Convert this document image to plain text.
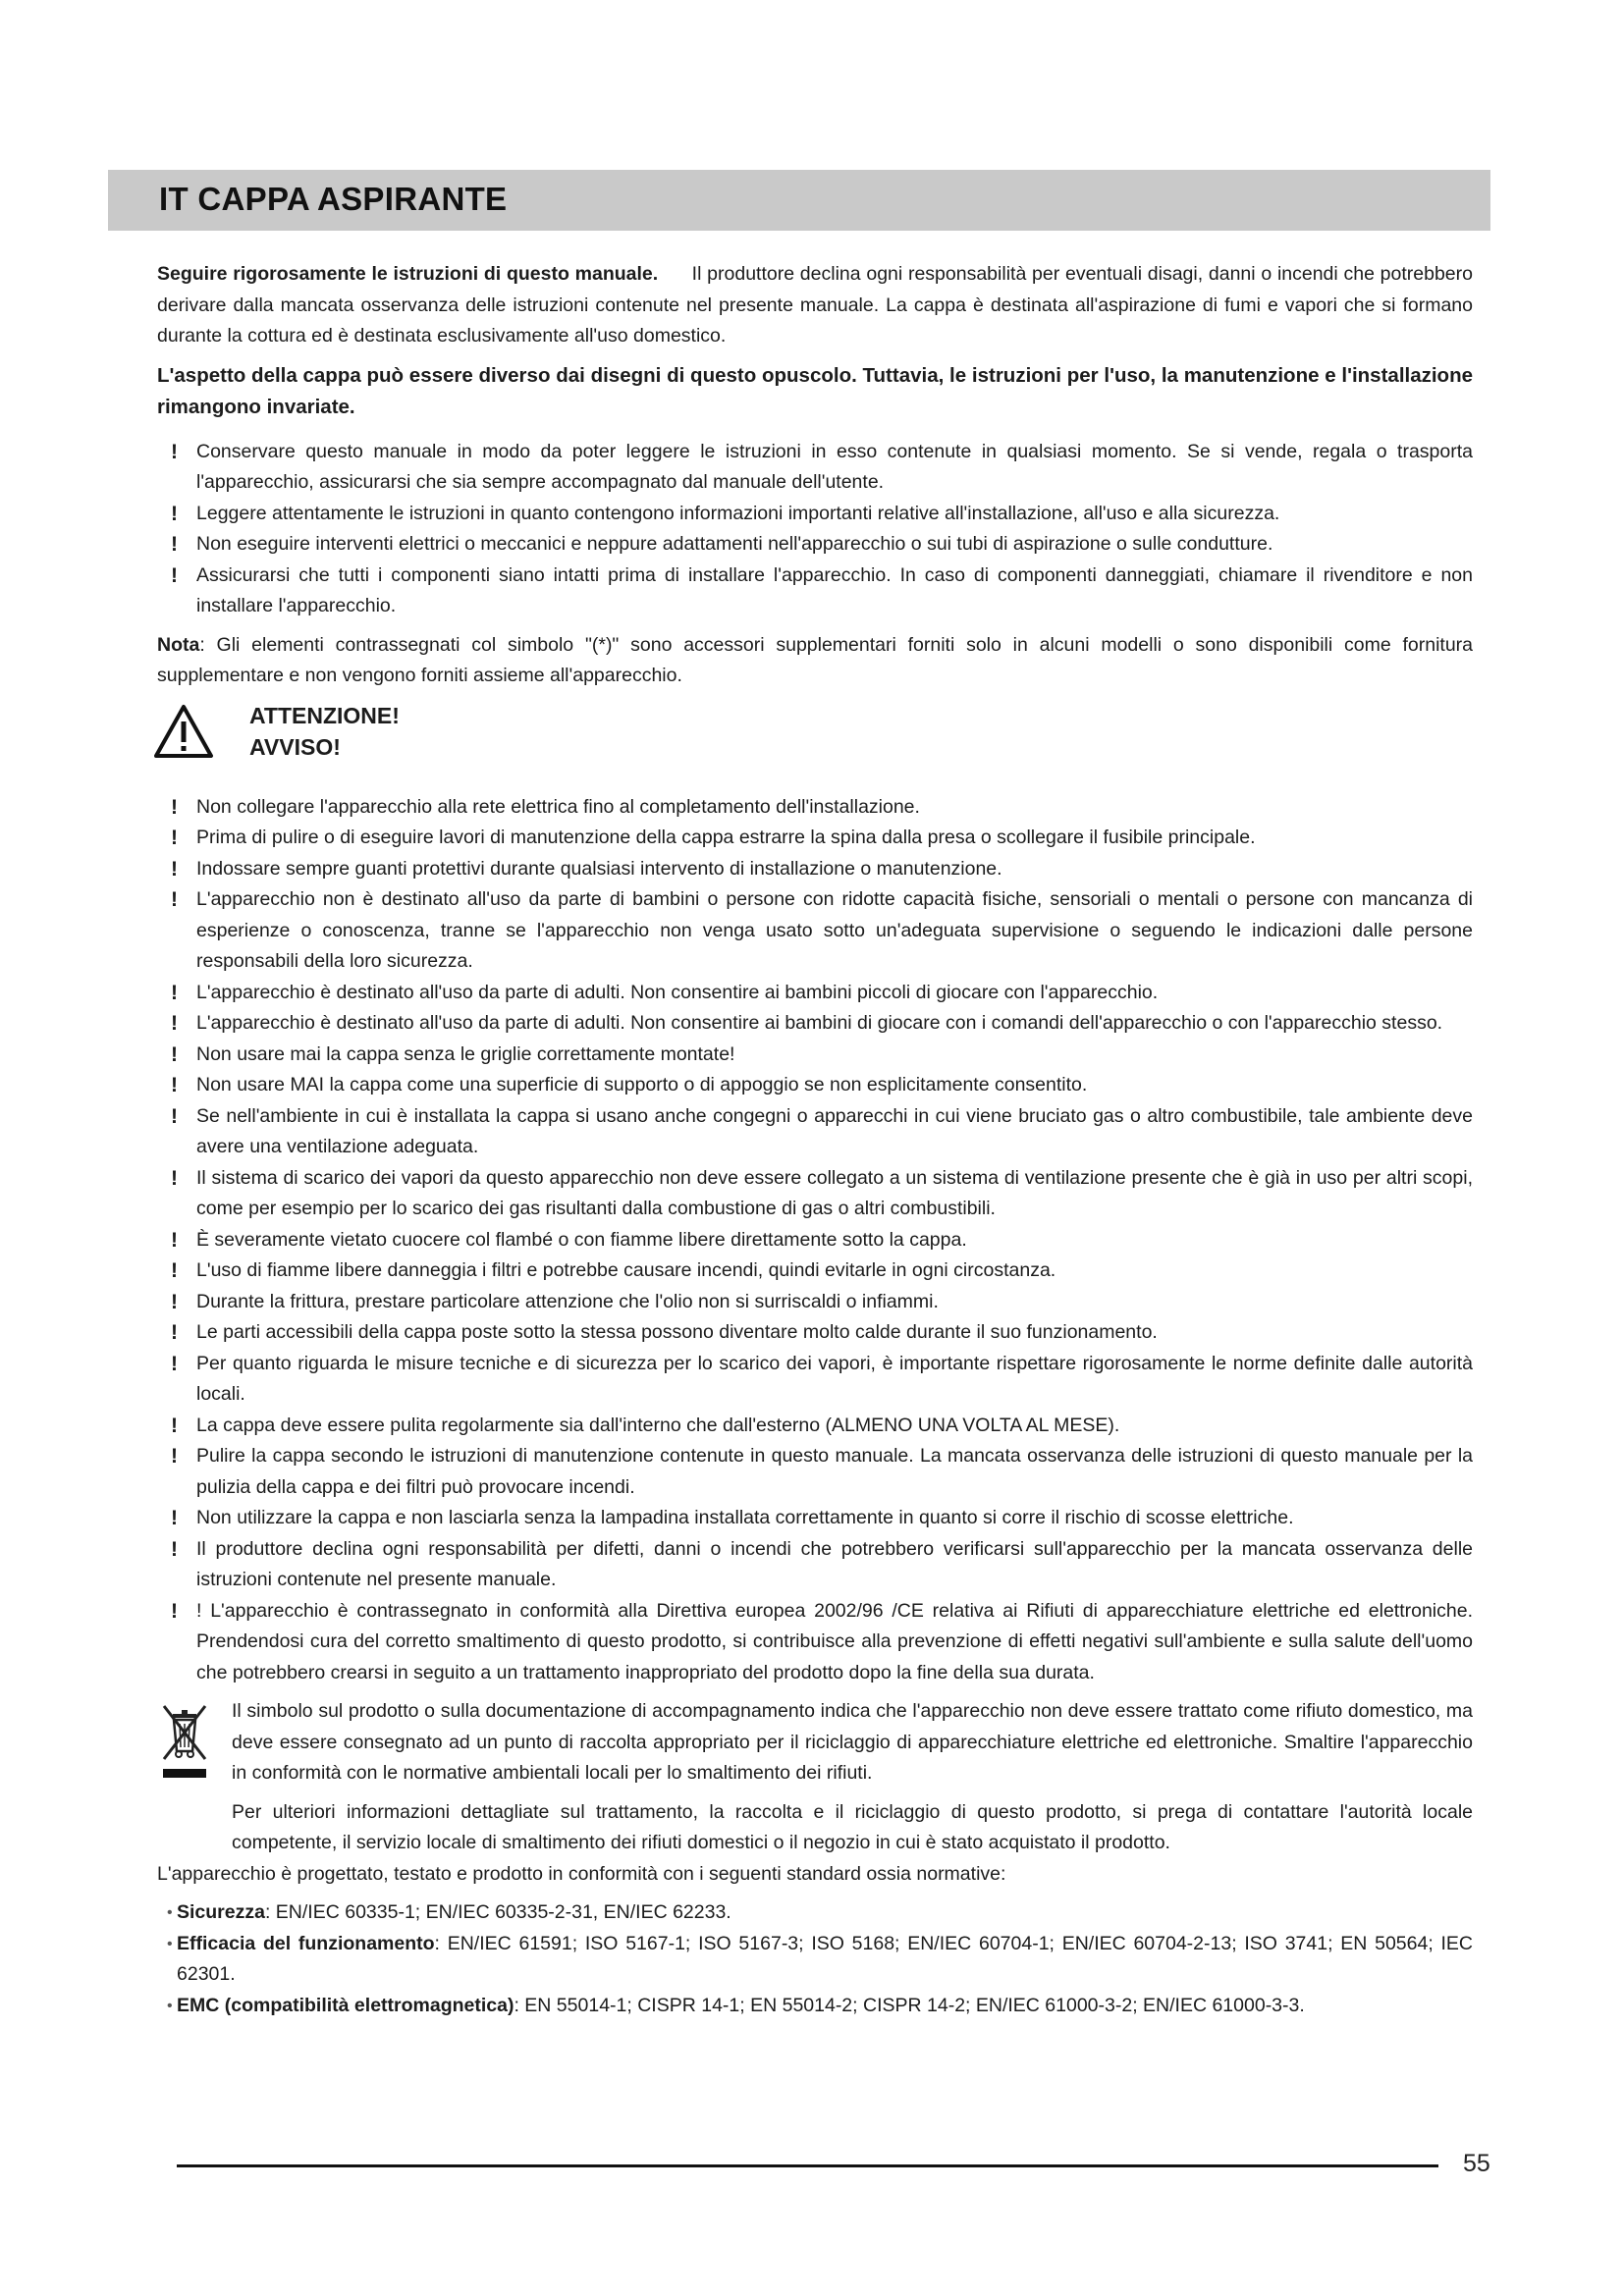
IT CAPPA ASPIRANTE

Seguire rigorosamente le istruzioni di questo manuale. Il produttore declina ogni responsabilità per eventuali disagi, danni o incendi che potrebbero derivare dalla mancata osservanza delle istruzioni contenute nel presente manuale. La cappa è destinata all'aspirazione di fumi e vapori che si formano durante la cottura ed è destinata esclusivamente all'uso domestico.

L'aspetto della cappa può essere diverso dai disegni di questo opuscolo. Tuttavia, le istruzioni per l'uso, la manutenzione e l'installazione rimangono invariate.

! Conservare questo manuale in modo da poter leggere le istruzioni in esso contenute in qualsiasi momento. Se si vende, regala o trasporta l'apparecchio, assicurarsi che sia sempre accompagnato dal manuale dell'utente.
! Leggere attentamente le istruzioni in quanto contengono informazioni importanti relative all'installazione, all'uso e alla sicurezza.
! Non eseguire interventi elettrici o meccanici e neppure adattamenti nell'apparecchio o sui tubi di aspirazione o sulle condutture.
! Assicurarsi che tutti i componenti siano intatti prima di installare l'apparecchio. In caso di componenti danneggiati, chiamare il rivenditore e non installare l'apparecchio.

Nota: Gli elementi contrassegnati col simbolo "(*)" sono accessori supplementari forniti solo in alcuni modelli o sono disponibili come fornitura supplementare e non vengono forniti assieme all'apparecchio.

ATTENZIONE!
AVVISO!
! Non collegare l'apparecchio alla rete elettrica fino al completamento dell'installazione.
! Prima di pulire o di eseguire lavori di manutenzione della cappa estrarre la spina dalla presa o scollegare il fusibile principale.
! Indossare sempre guanti protettivi durante qualsiasi intervento di installazione o manutenzione.
! L'apparecchio non è destinato all'uso da parte di bambini o persone con ridotte capacità fisiche, sensoriali o mentali o persone con mancanza di esperienze o conoscenza, tranne se l'apparecchio non venga usato sotto un'adeguata supervisione o seguendo le indicazioni dalle persone responsabili della loro sicurezza.
! L'apparecchio è destinato all'uso da parte di adulti. Non consentire ai bambini piccoli di giocare con l'apparecchio.
! L'apparecchio è destinato all'uso da parte di adulti. Non consentire ai bambini di giocare con i comandi dell'apparecchio o con l'apparecchio stesso.
! Non usare mai la cappa senza le griglie correttamente montate!
! Non usare MAI la cappa come una superficie di supporto o di appoggio se non esplicitamente consentito.
! Se nell'ambiente in cui è installata la cappa si usano anche congegni o apparecchi in cui viene bruciato gas o altro combustibile, tale ambiente deve avere una ventilazione adeguata.
! Il sistema di scarico dei vapori da questo apparecchio non deve essere collegato a un sistema di ventilazione presente che è già in uso per altri scopi, come per esempio per lo scarico dei gas risultanti dalla combustione di gas o altri combustibili.
! È severamente vietato cuocere col flambé o con fiamme libere direttamente sotto la cappa.
! L'uso di fiamme libere danneggia i filtri e potrebbe causare incendi, quindi evitarle in ogni circostanza.
! Durante la frittura, prestare particolare attenzione che l'olio non si surriscaldi o infiammi.
! Le parti accessibili della cappa poste sotto la stessa possono diventare molto calde durante il suo funzionamento.
! Per quanto riguarda le misure tecniche e di sicurezza per lo scarico dei vapori, è importante rispettare rigorosamente le norme definite dalle autorità locali.
! La cappa deve essere pulita regolarmente sia dall'interno che dall'esterno (ALMENO UNA VOLTA AL MESE).
! Pulire la cappa secondo le istruzioni di manutenzione contenute in questo manuale. La mancata osservanza delle istruzioni di questo manuale per la pulizia della cappa e dei filtri può provocare incendi.
! Non utilizzare la cappa e non lasciarla senza la lampadina installata correttamente in quanto si corre il rischio di scosse elettriche.
! Il produttore declina ogni responsabilità per difetti, danni o incendi che potrebbero verificarsi sull'apparecchio per la mancata osservanza delle istruzioni contenute nel presente manuale.
! ! L'apparecchio è contrassegnato in conformità alla Direttiva europea 2002/96 /CE relativa ai Rifiuti di apparecchiature elettriche ed elettroniche. Prendendosi cura del corretto smaltimento di questo prodotto, si contribuisce alla prevenzione di effetti negativi sull'ambiente e sulla salute dell'uomo che potrebbero crearsi in seguito a un trattamento inappropriato del prodotto dopo la fine della sua durata.

Il simbolo sul prodotto o sulla documentazione di accompagnamento indica che l'apparecchio non deve essere trattato come rifiuto domestico, ma deve essere consegnato ad un punto di raccolta appropriato per il riciclaggio di apparecchiature elettriche ed elettroniche. Smaltire l'apparecchio in conformità con le normative ambientali locali per lo smaltimento dei rifiuti.

Per ulteriori informazioni dettagliate sul trattamento, la raccolta e il riciclaggio di questo prodotto, si prega di contattare l'autorità locale competente, il servizio locale di smaltimento dei rifiuti domestici o il negozio in cui è stato acquistato il prodotto.

L'apparecchio è progettato, testato e prodotto in conformità con i seguenti standard ossia normative:

• Sicurezza: EN/IEC 60335-1; EN/IEC 60335-2-31, EN/IEC 62233.
• Efficacia del funzionamento: EN/IEC 61591; ISO 5167-1; ISO 5167-3; ISO 5168; EN/IEC 60704-1; EN/IEC 60704-2-13; ISO 3741; EN 50564; IEC 62301.
• EMC (compatibilità elettromagnetica): EN 55014-1; CISPR 14-1; EN 55014-2; CISPR 14-2; EN/IEC 61000-3-2; EN/IEC 61000-3-3.
55
